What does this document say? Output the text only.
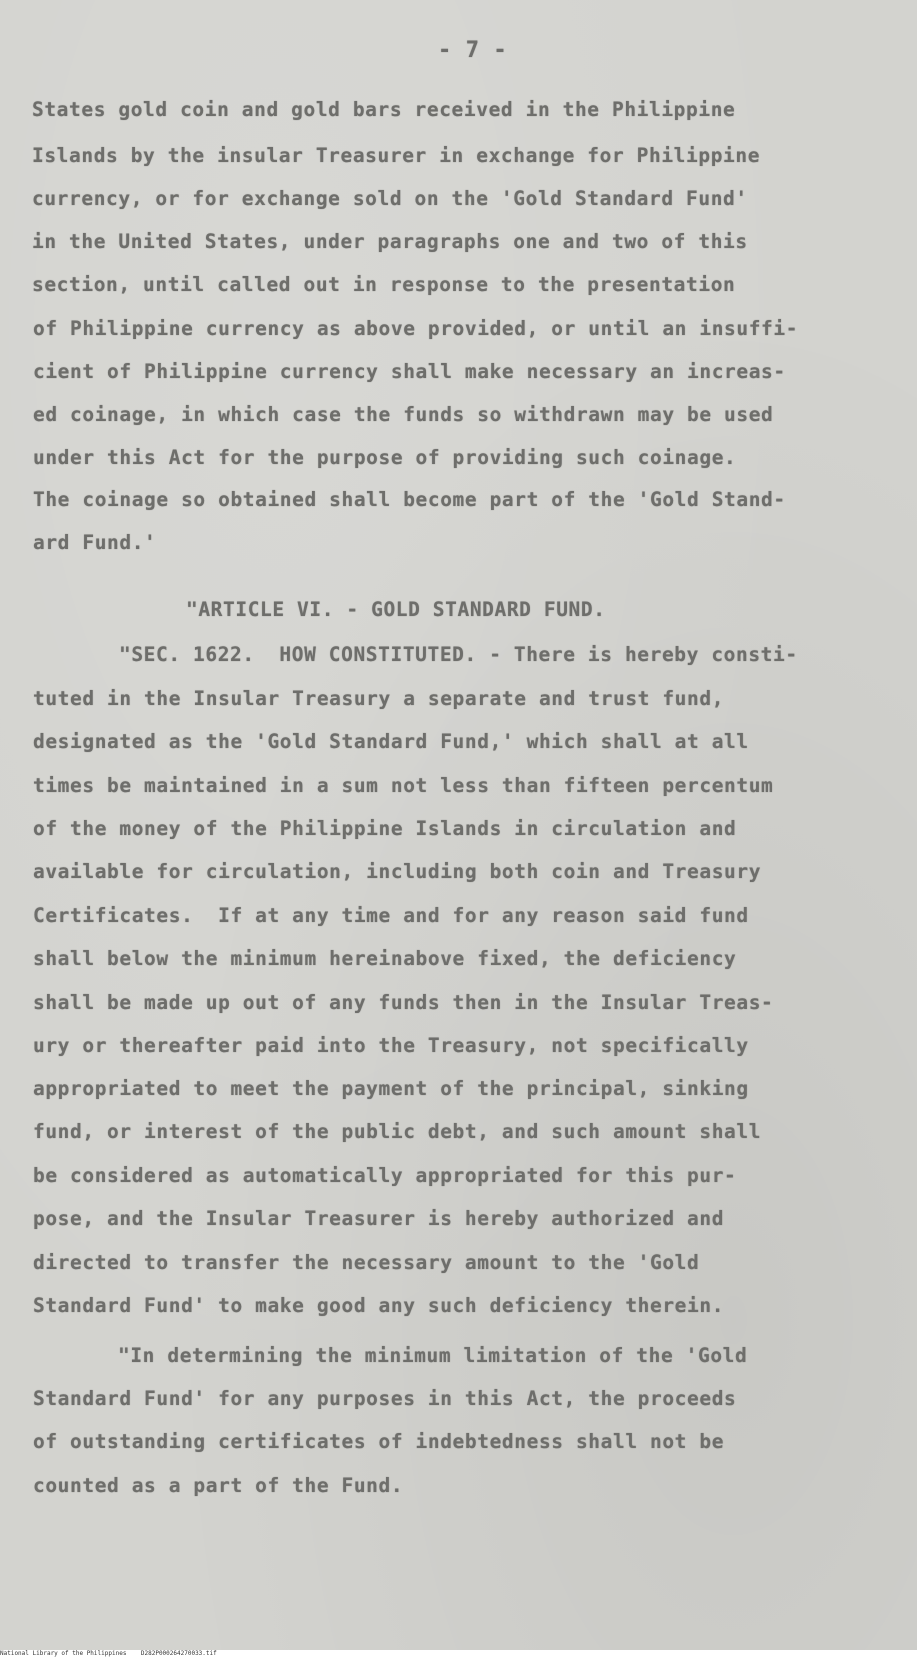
- 7 -
States gold coin and gold bars received in the Philippine
Islands by the insular Treasurer in exchange for Philippine
currency, or for exchange sold on the 'Gold Standard Fund'
in the United States, under paragraphs one and two of this
section, until called out in response to the presentation
of Philippine currency as above provided, or until an insuffi-
cient of Philippine currency shall make necessary an increas-
ed coinage, in which case the funds so withdrawn may be used
under this Act for the purpose of providing such coinage.
The coinage so obtained shall become part of the 'Gold Stand-
ard Fund.'
"ARTICLE VI. - GOLD STANDARD FUND.
"SEC. 1622.  HOW CONSTITUTED. - There is hereby consti-
tuted in the Insular Treasury a separate and trust fund,
designated as the 'Gold Standard Fund,' which shall at all
times be maintained in a sum not less than fifteen percentum
of the money of the Philippine Islands in circulation and
available for circulation, including both coin and Treasury
Certificates.  If at any time and for any reason said fund
shall below the minimum hereinabove fixed, the deficiency
shall be made up out of any funds then in the Insular Treas-
ury or thereafter paid into the Treasury, not specifically
appropriated to meet the payment of the principal, sinking
fund, or interest of the public debt, and such amount shall
be considered as automatically appropriated for this pur-
pose, and the Insular Treasurer is hereby authorized and
directed to transfer the necessary amount to the 'Gold
Standard Fund' to make good any such deficiency therein.
"In determining the minimum limitation of the 'Gold
Standard Fund' for any purposes in this Act, the proceeds
of outstanding certificates of indebtedness shall not be
counted as a part of the Fund.
National Library of the Philippines    D282P000264270033.tif
